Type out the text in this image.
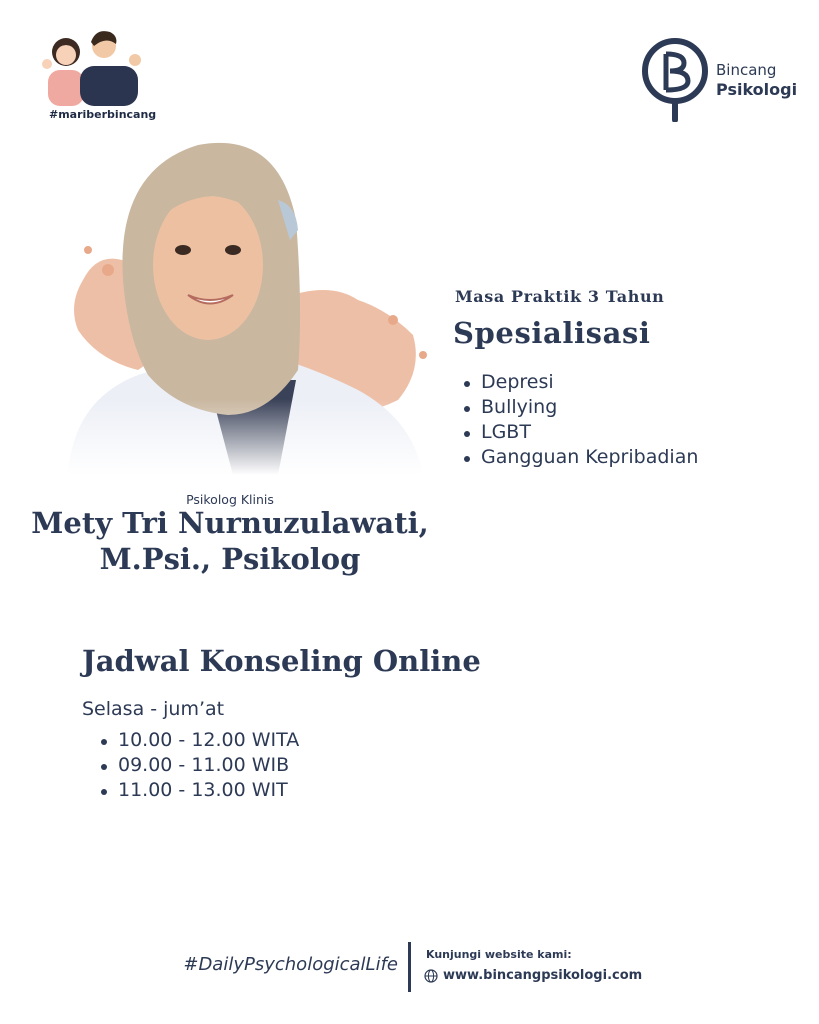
#mariberbincang
Bincang
Psikologi
Masa Praktik 3 Tahun
Spesialisasi
Depresi
Bullying
LGBT
Gangguan Kepribadian
Psikolog Klinis
Mety Tri Nurnuzulawati,
M.Psi., Psikolog
Jadwal Konseling Online
Selasa - jum’at
10.00 - 12.00 WITA
09.00 - 11.00 WIB
11.00 - 13.00 WIT
#DailyPsychologicalLife	Kunjungi website kami:
www.bincangpsikologi.com
